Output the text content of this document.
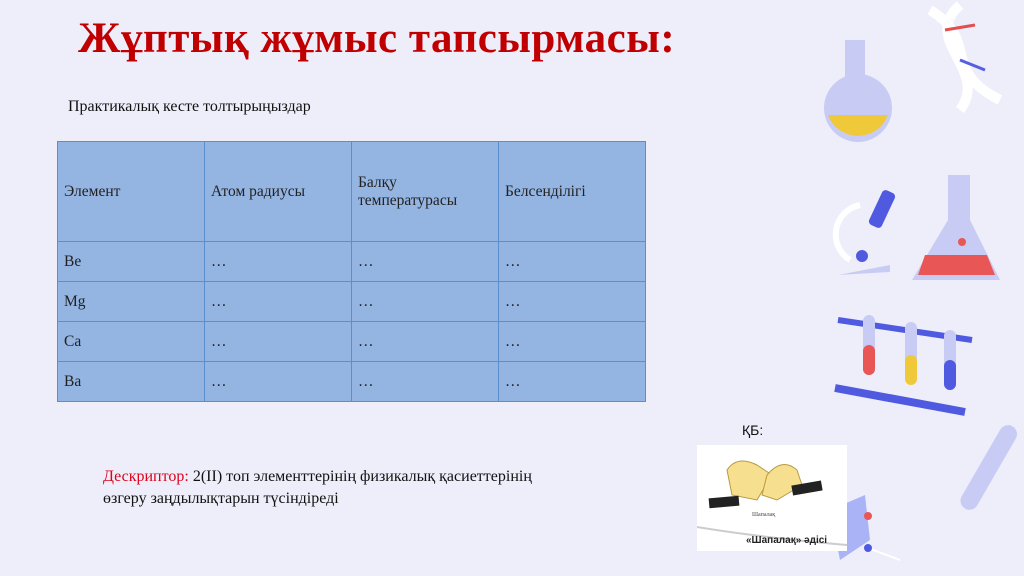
Жұптық жұмыс тапсырмасы:
Практикалық кесте толтырыңыздар
Элемент	Атом радиусы	Балқу температурасы	Белсенділігі
Be	…	…	…
Mg	…	…	…
Ca	…	…	…
Ba	…	…	…
Дескриптор: 2(II) топ элементтерінің физикалық қасиеттерінің өзгеру заңдылықтарын түсіндіреді
ҚБ:
Шапалақ
«Шапалақ» әдісі
